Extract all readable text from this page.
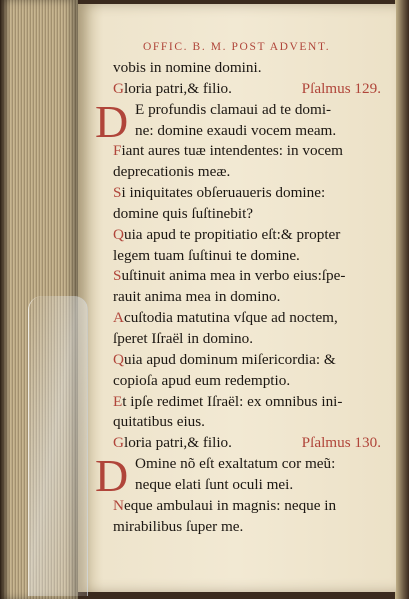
OFFIC. B. M. POST ADVENT.
vobis in nomine domini.
Gloria patri,& filio.	Pſalmus 129.
D E profundis clamaui ad te domi-
ne: domine exaudi vocem meam.
Fiant aures tuæ intendentes: in vocem
deprecationis meæ.
Si iniquitates obſeruaueris domine:
domine quis ſuſtinebit?
Quia apud te propitiatio eſt:& propter
legem tuam ſuſtinui te domine.
Suſtinuit anima mea in verbo eius:ſpe-
rauit anima mea in domino.
Acuſtodia matutina vſque ad noctem,
ſperet Iſraël in domino.
Quia apud dominum miſericordia: &
copioſa apud eum redemptio.
Et ipſe redimet Iſraël: ex omnibus ini-
quitatibus eius.
Gloria patri,& filio.	Pſalmus 130.
D Omine nõ eſt exaltatum cor meũ:
neque elati ſunt oculi mei.
Neque ambulaui in magnis: neque in
mirabilibus ſuper me.
